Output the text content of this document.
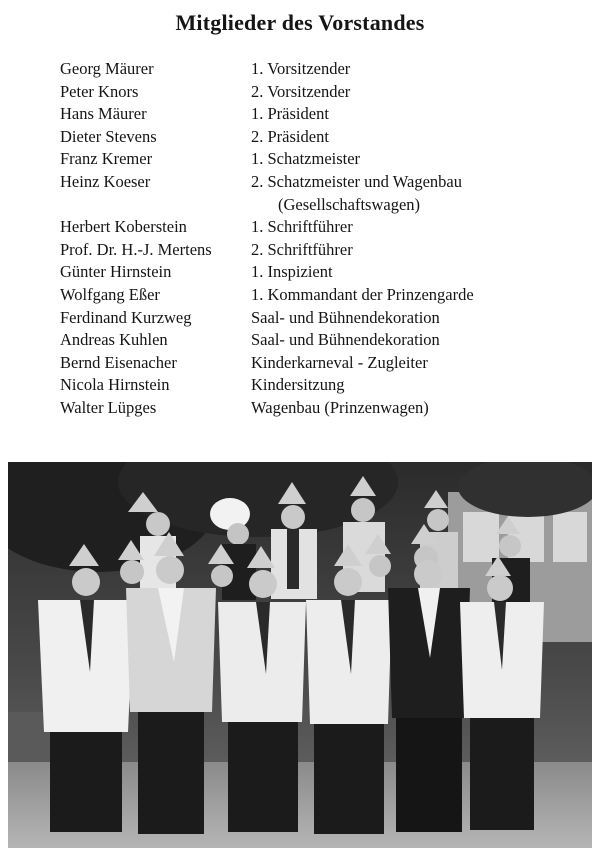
Mitglieder des Vorstandes
Georg Mäurer	1. Vorsitzender
Peter Knors	2. Vorsitzender
Hans Mäurer	1. Präsident
Dieter Stevens	2. Präsident
Franz Kremer	1. Schatzmeister
Heinz Koeser	2. Schatzmeister und Wagenbau
(Gesellschaftswagen)
Herbert Koberstein	1. Schriftführer
Prof. Dr. H.-J. Mertens 2. Schriftführer
Günter Hirnstein	1. Inspizient
Wolfgang Eßer	1. Kommandant der Prinzengarde
Ferdinand Kurzweg	Saal- und Bühnendekoration
Andreas Kuhlen	Saal- und Bühnendekoration
Bernd Eisenacher	Kinderkarneval - Zugleiter
Nicola Hirnstein	Kindersitzung
Walter Lüpges	Wagenbau (Prinzenwagen)
